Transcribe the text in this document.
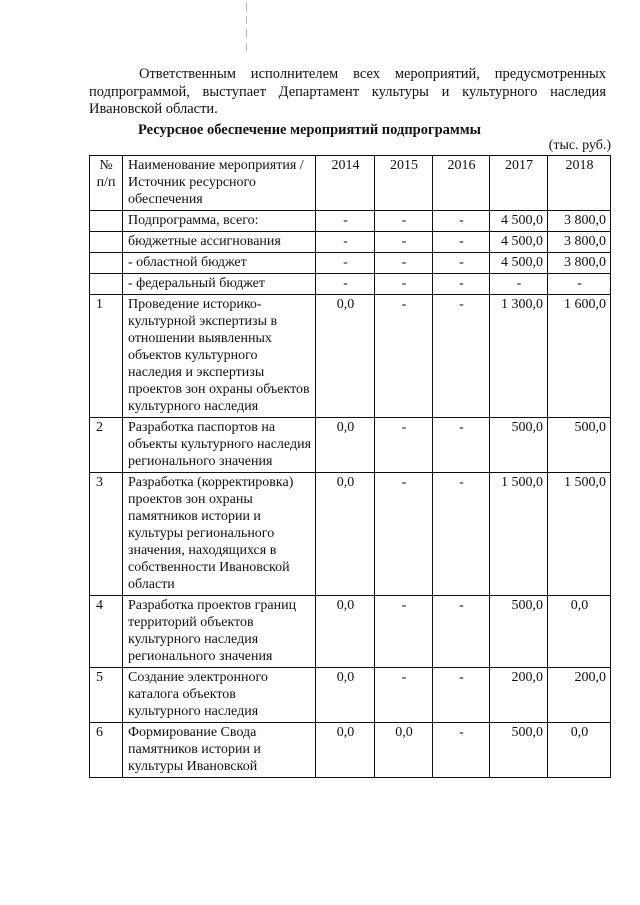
Ответственным исполнителем всех мероприятий, предусмотренных подпрограммой, выступает Департамент культуры и культурного наследия Ивановской области.

Ресурсное обеспечение мероприятий подпрограммы
(тыс. руб.)
№ п/п	Наименование мероприятия /
Источник ресурсного обеспечения	2014	2015	2016	2017	2018
	Подпрограмма, всего:	-	-	-	4 500,0	3 800,0
	бюджетные ассигнования	-	-	-	4 500,0	3 800,0
	- областной бюджет	-	-	-	4 500,0	3 800,0
	- федеральный бюджет	-	-	-	-	-
1	Проведение историко-культурной экспертизы в отношении выявленных объектов культурного наследия и экспертизы проектов зон охраны объектов культурного наследия	0,0	-	-	1 300,0	1 600,0
2	Разработка паспортов на объекты культурного наследия регионального значения	0,0	-	-	500,0	500,0
3	Разработка (корректировка) проектов зон охраны памятников истории и культуры регионального значения, находящихся в собственности Ивановской области	0,0	-	-	1 500,0	1 500,0
4	Разработка проектов границ территорий объектов культурного наследия регионального значения	0,0	-	-	500,0	0,0
5	Создание электронного каталога объектов культурного наследия	0,0	-	-	200,0	200,0
6	Формирование Свода памятников истории и культуры Ивановской	0,0	0,0	-	500,0	0,0
